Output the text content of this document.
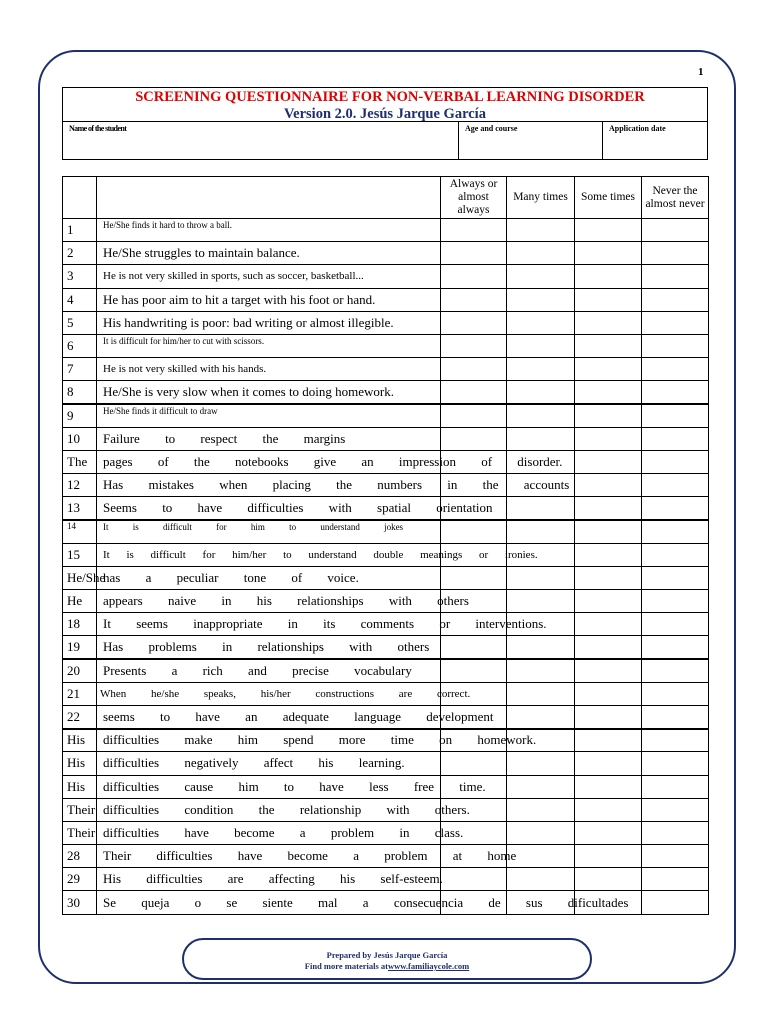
1
SCREENING QUESTIONNAIRE FOR NON-VERBAL LEARNING DISORDER
Version 2.0. Jesús Jarque García
Name of the student	Age and course	Application date
		Always or almost always	Many times	Some times	Never the almost never
1	He/She finds it hard to throw a ball.				
2	He/She struggles to maintain balance.				
3	He is not very skilled in sports, such as soccer, basketball...				
4	He has poor aim to hit a target with his foot or hand.				
5	His handwriting is poor: bad writing or almost illegible.				
6	It is difficult for him/her to cut with scissors.				
7	He is not very skilled with his hands.				
8	He/She is very slow when it comes to doing homework.				
9	He/She finds it difficult to draw				
10	Failure to respect the margins				
The	pages of the notebooks give an impression of disorder.				
12	Has mistakes when placing the numbers in the accounts				
13	Seems to have difficulties with spatial orientation				
14	It is difficult for him to understand jokes				
15	It is difficult for him/her to understand double meanings or ironies.				
He/She	has a peculiar tone of voice.				
He	appears naive in his relationships with others				
18	It seems inappropriate in its comments or interventions.				
19	Has problems in relationships with others				
20	Presents a rich and precise vocabulary				
21	When he/she speaks, his/her constructions are correct.				
22	seems to have an adequate language development				
His	difficulties make him spend more time on homework.				
His	difficulties negatively affect his learning.				
His	difficulties cause him to have less free time.				
Their	difficulties condition the relationship with others.				
Their	difficulties have become a problem in class.				
28	Their difficulties have become a problem at home				
29	His difficulties are affecting his self-esteem.				
30	Se queja o se siente mal a consecuencia de sus dificultades				
Prepared by Jesús Jarque García
Find more materials atwww.familiaycole.com
